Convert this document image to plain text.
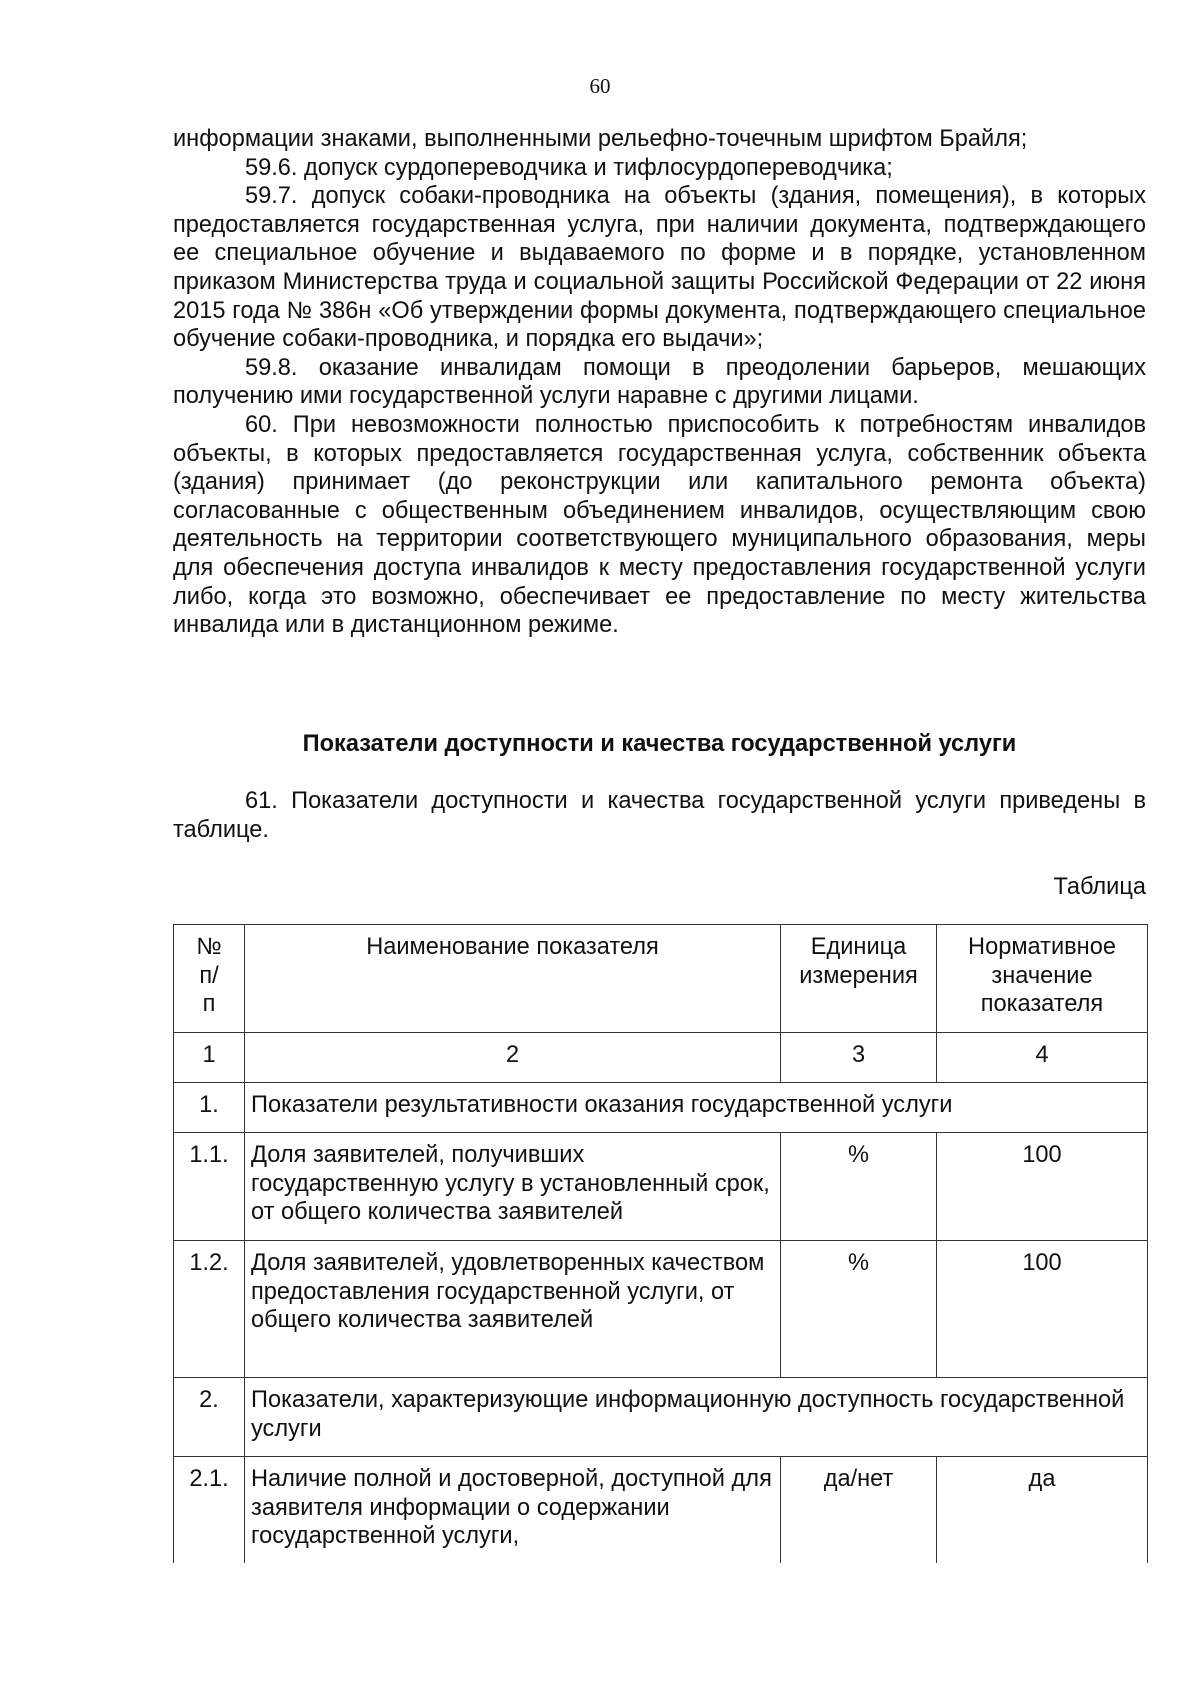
60

информации знаками, выполненными рельефно-точечным шрифтом Брайля;

59.6. допуск сурдопереводчика и тифлосурдопереводчика;

59.7. допуск собаки-проводника на объекты (здания, помещения), в которых предоставляется государственная услуга, при наличии документа, подтверждающего ее специальное обучение и выдаваемого по форме и в порядке, установленном приказом Министерства труда и социальной защиты Российской Федерации от 22 июня 2015 года № 386н «Об утверждении формы документа, подтверждающего специальное обучение собаки-проводника, и порядка его выдачи»;

59.8. оказание инвалидам помощи в преодолении барьеров, мешающих получению ими государственной услуги наравне с другими лицами.

60. При невозможности полностью приспособить к потребностям инвалидов объекты, в которых предоставляется государственная услуга, собственник объекта (здания) принимает (до реконструкции или капитального ремонта объекта) согласованные с общественным объединением инвалидов, осуществляющим свою деятельность на территории соответствующего муниципального образования, меры для обеспечения доступа инвалидов к месту предоставления государственной услуги либо, когда это возможно, обеспечивает ее предоставление по месту жительства инвалида или в дистанционном режиме.

Показатели доступности и качества государственной услуги

61. Показатели доступности и качества государственной услуги приведены в таблице.

Таблица
№ п/п	Наименование показателя	Единица измерения	Нормативное значение показателя
1	2	3	4
1.	Показатели результативности оказания государственной услуги		
1.1.	Доля заявителей, получивших государственную услугу в установленный срок, от общего количества заявителей	%	100
1.2.	Доля заявителей, удовлетворенных качеством предоставления государственной услуги, от общего количества заявителей	%	100
2.	Показатели, характеризующие информационную доступность государственной услуги		
2.1.	Наличие полной и достоверной, доступной для заявителя информации о содержании государственной услуги,	да/нет	да
